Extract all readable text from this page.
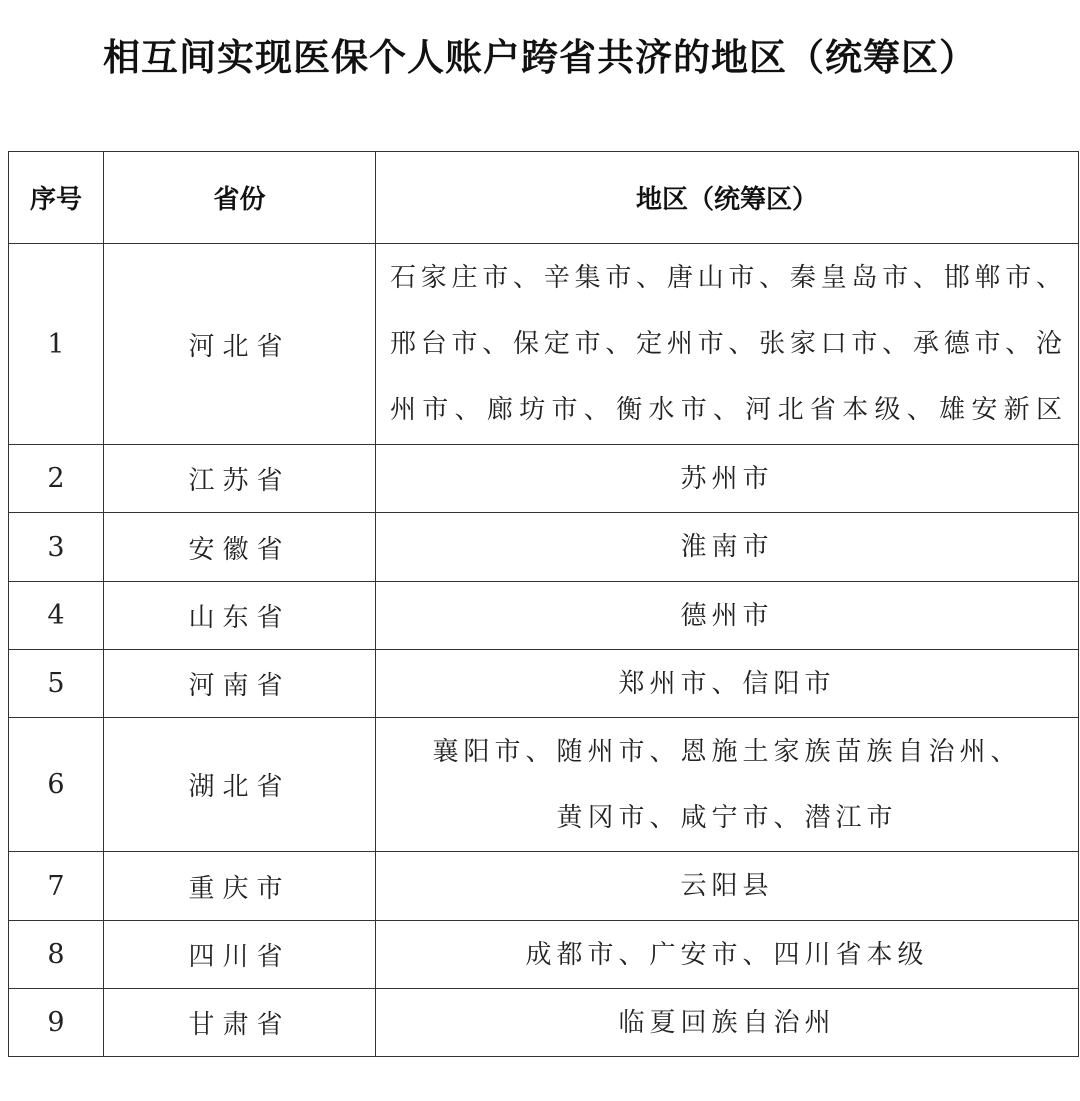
相互间实现医保个人账户跨省共济的地区（统筹区）
序号	省份	地区（统筹区）
1	河北省	石家庄市、辛集市、唐山市、秦皇岛市、邯郸市、
邢台市、保定市、定州市、张家口市、承德市、沧
州市、廊坊市、衡水市、河北省本级、雄安新区

2	江苏省	苏州市

3	安徽省	淮南市

4	山东省	德州市

5	河南省	郑州市、信阳市

6	湖北省	襄阳市、随州市、恩施土家族苗族自治州、
黄冈市、咸宁市、潜江市

7	重庆市	云阳县

8	四川省	成都市、广安市、四川省本级

9	甘肃省	临夏回族自治州
